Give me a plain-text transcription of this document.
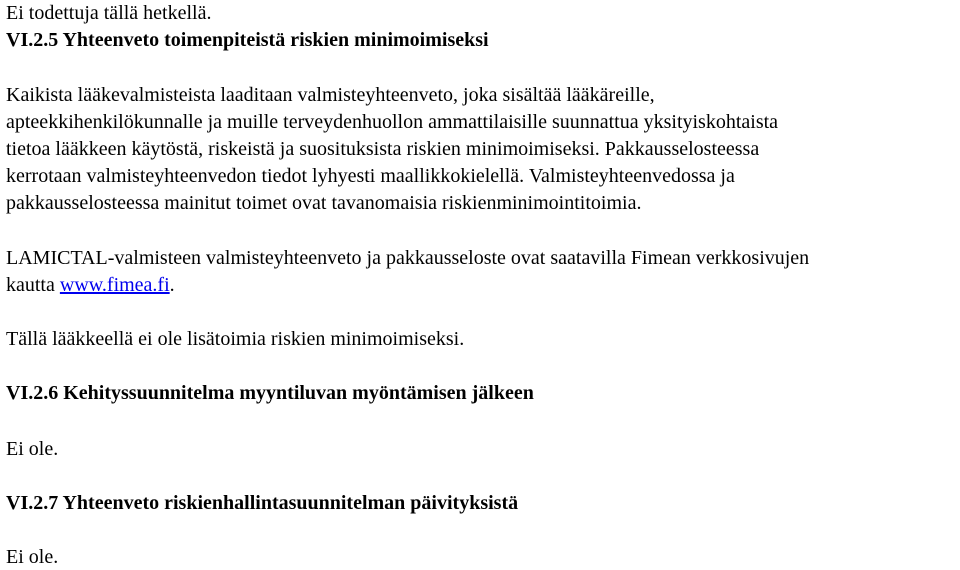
Ei todettuja tällä hetkellä.
VI.2.5 Yhteenveto toimenpiteistä riskien minimoimiseksi
Kaikista lääkevalmisteista laaditaan valmisteyhteenveto, joka sisältää lääkäreille,
apteekkihenkilökunnalle ja muille terveydenhuollon ammattilaisille suunnattua yksityiskohtaista
tietoa lääkkeen käytöstä, riskeistä ja suosituksista riskien minimoimiseksi. Pakkausselosteessa
kerrotaan valmisteyhteenvedon tiedot lyhyesti maallikkokielellä. Valmisteyhteenvedossa ja
pakkausselosteessa mainitut toimet ovat tavanomaisia riskienminimointitoimia.
LAMICTAL-valmisteen valmisteyhteenveto ja pakkausseloste ovat saatavilla Fimean verkkosivujen
kautta www.fimea.fi.
Tällä lääkkeellä ei ole lisätoimia riskien minimoimiseksi.
VI.2.6 Kehityssuunnitelma myyntiluvan myöntämisen jälkeen
Ei ole.
VI.2.7 Yhteenveto riskienhallintasuunnitelman päivityksistä
Ei ole.
